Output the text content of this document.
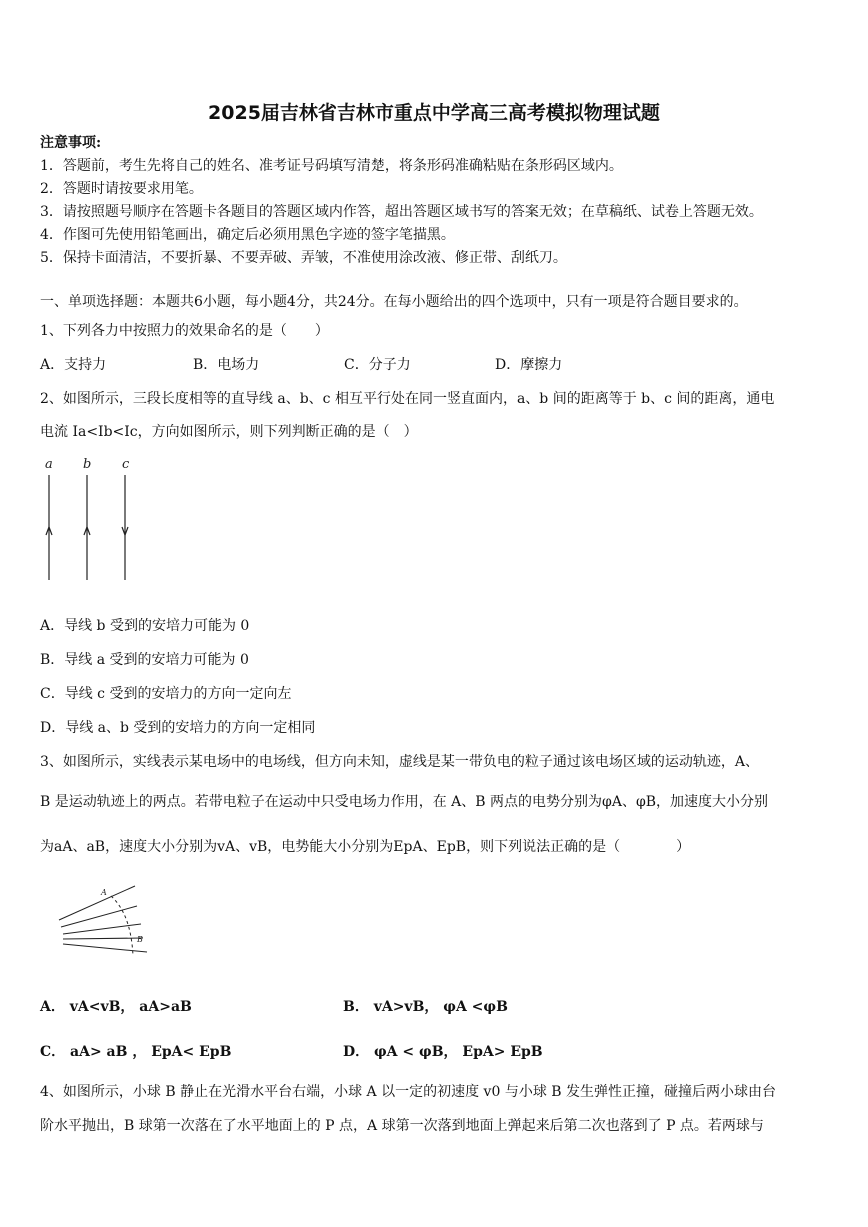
2025届吉林省吉林市重点中学高三高考模拟物理试题
注意事项:
1．答题前，考生先将自己的姓名、准考证号码填写清楚，将条形码准确粘贴在条形码区域内。
2．答题时请按要求用笔。
3．请按照题号顺序在答题卡各题目的答题区域内作答，超出答题区域书写的答案无效；在草稿纸、试卷上答题无效。
4．作图可先使用铅笔画出，确定后必须用黑色字迹的签字笔描黑。
5．保持卡面清洁，不要折暴、不要弄破、弄皱，不准使用涂改液、修正带、刮纸刀。
一、单项选择题：本题共6小题，每小题4分，共24分。在每小题给出的四个选项中，只有一项是符合题目要求的。
1、下列各力中按照力的效果命名的是（　　）
A．支持力	B．电场力	C．分子力	D．摩擦力
2、如图所示，三段长度相等的直导线 a、b、c 相互平行处在同一竖直面内，a、b 间的距离等于 b、c 间的距离，通电
电流 Ia<Ib<Ic，方向如图所示，则下列判断正确的是（　）
a b c
A．导线 b 受到的安培力可能为 0
B．导线 a 受到的安培力可能为 0
C．导线 c 受到的安培力的方向一定向左
D．导线 a、b 受到的安培力的方向一定相同
3、如图所示，实线表示某电场中的电场线，但方向未知，虚线是某一带负电的粒子通过该电场区域的运动轨迹，A、
B 是运动轨迹上的两点。若带电粒子在运动中只受电场力作用，在 A、B 两点的电势分别为φA、φB，加速度大小分别
为aA、aB，速度大小分别为vA、vB，电势能大小分别为EpA、EpB，则下列说法正确的是（　　　　）
A
B
A． vA<vB， aA>aB	B． vA>vB， φA <φB
C． aA> aB ， EpA< EpB	D． φA < φB， EpA> EpB
4、如图所示，小球 B 静止在光滑水平台右端，小球 A 以一定的初速度 v0 与小球 B 发生弹性正撞，碰撞后两小球由台
阶水平抛出，B 球第一次落在了水平地面上的 P 点，A 球第一次落到地面上弹起来后第二次也落到了 P 点。若两球与
